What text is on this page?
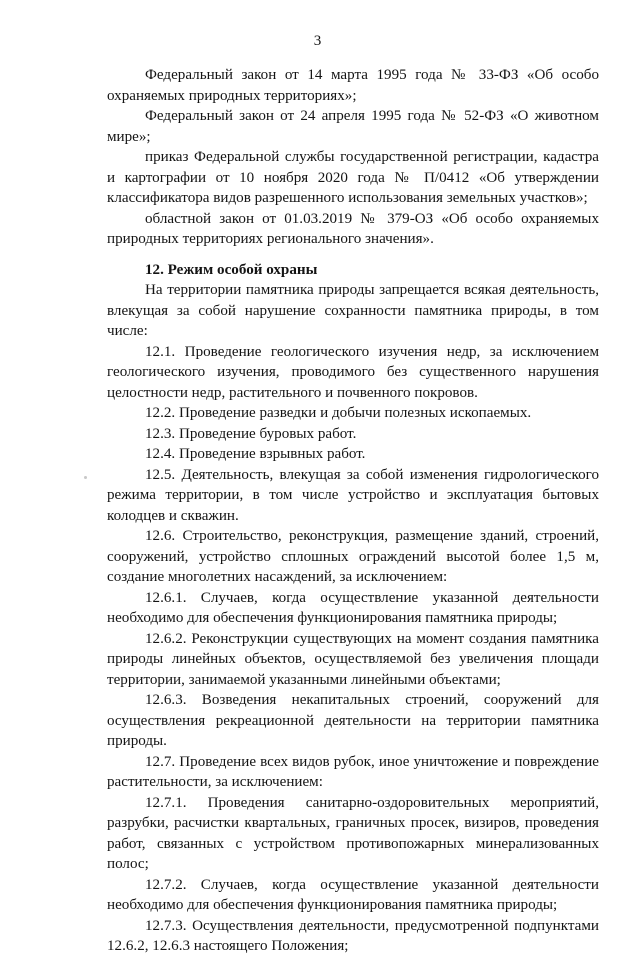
3

Федеральный закон от 14 марта 1995 года № 33-ФЗ «Об особо охраняемых природных территориях»;

Федеральный закон от 24 апреля 1995 года № 52-ФЗ «О животном мире»;

приказ Федеральной службы государственной регистрации, кадастра и картографии от 10 ноября 2020 года № П/0412 «Об утверждении классификатора видов разрешенного использования земельных участков»;

областной закон от 01.03.2019 № 379-ОЗ «Об особо охраняемых природных территориях регионального значения».

12. Режим особой охраны

На территории памятника природы запрещается всякая деятельность, влекущая за собой нарушение сохранности памятника природы, в том числе:

12.1. Проведение геологического изучения недр, за исключением геологического изучения, проводимого без существенного нарушения целостности недр, растительного и почвенного покровов.

12.2. Проведение разведки и добычи полезных ископаемых.

12.3. Проведение буровых работ.

12.4. Проведение взрывных работ.

12.5. Деятельность, влекущая за собой изменения гидрологического режима территории, в том числе устройство и эксплуатация бытовых колодцев и скважин.

12.6. Строительство, реконструкция, размещение зданий, строений, сооружений, устройство сплошных ограждений высотой более 1,5 м, создание многолетних насаждений, за исключением:

12.6.1. Случаев, когда осуществление указанной деятельности необходимо для обеспечения функционирования памятника природы;

12.6.2. Реконструкции существующих на момент создания памятника природы линейных объектов, осуществляемой без увеличения площади территории, занимаемой указанными линейными объектами;

12.6.3. Возведения некапитальных строений, сооружений для осуществления рекреационной деятельности на территории памятника природы.

12.7. Проведение всех видов рубок, иное уничтожение и повреждение растительности, за исключением:

12.7.1. Проведения санитарно-оздоровительных мероприятий, разрубки, расчистки квартальных, граничных просек, визиров, проведения работ, связанных с устройством противопожарных минерализованных полос;

12.7.2. Случаев, когда осуществление указанной деятельности необходимо для обеспечения функционирования памятника природы;

12.7.3. Осуществления деятельности, предусмотренной подпунктами 12.6.2, 12.6.3 настоящего Положения;
